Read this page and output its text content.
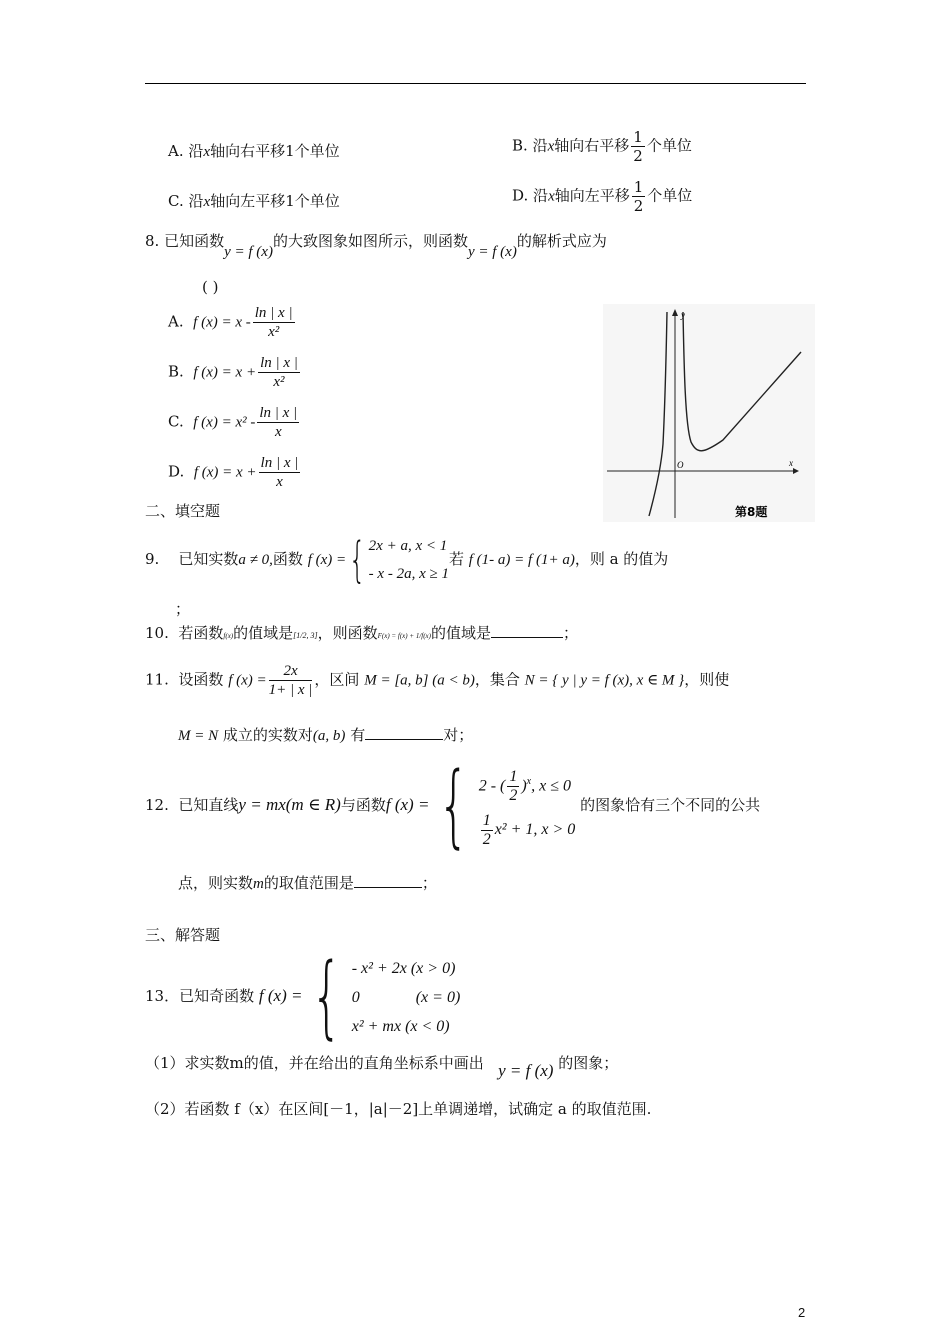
A. 沿x轴向右平移1个单位	B. 沿x轴向右平移 $\frac{1}{2}$ 个单位
C. 沿x轴向左平移1个单位	D. 沿x轴向左平移 $\frac{1}{2}$ 个单位
8. 已知函数y = f (x)的大致图象如图所示，则函数y = f (x)的解析式应为
( )
A. f $(x) = x - \frac{\ln | x |}{\text{x²}}$
B. f $(x) = x + \frac{\ln | x |}{\text{x²}}$
C. f $(x) = x^2 - \frac{\ln | x |}{x}$
D. f $(x) = x + \frac{\ln | x |}{x}$
y
x
O
第8题
二、填空题
9. 已知实数a ≠ 0,函数 f (x) ={ 2x + a, x < 1
- x - 2a, x ≥ 1
若 f (1- a) = f (1+ a)，则 a 的值为
；
10. 若函数f(x)的值域是[1/2, 3]，则函数F(x) = f(x) + 1/f(x)的值域是	；
11. 设函数 f $(x) = \frac{2x}{1+ | x |}$ ，区间 M = [a, b] (a < b)，集合 N = { y | y = f (x), x ∈ M }，则使
M = N 成立的实数对(a, b) 有	对；
12. 已知直线y = mx(m ∈ R)与函数f (x) ={ 2 - ( $\frac{1}{2} )^x$, x ≤ 0
$\frac{1}{2} x^2 + 1$, x > 0
的图象恰有三个不同的公共
点，则实数m的取值范围是	；
三、解答题
13．已知奇函数 f (x) ={ - x² + 2x (x > 0)
0              (x = 0)
x² + mx (x < 0)
（1）求实数m的值，并在给出的直角坐标系中画出 y = f (x) 的图象；
（2）若函数 f（x）在区间[－1，|a|－2]上单调递增，试确定 a 的取值范围.
2
